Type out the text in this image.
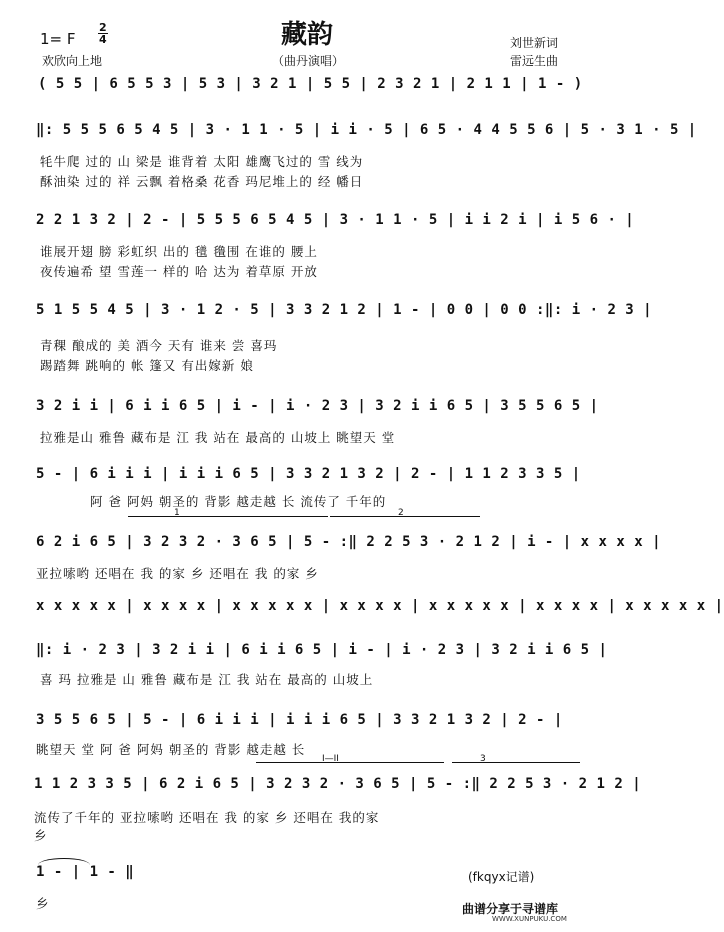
藏韵
1= F $\frac{2}{4}$
欢欣向上地	（曲丹演唱）
刘世新词
雷远生曲
( 5 5 | 6 5 5 3 | 5 3 | 3 2 1 | 5 5 | 2 3 2 1 | 2 1 1 | 1 - )
‖: 5 5 5 6 5 4 5 | 3 · 1 1 · 5 | i i · 5 | 6 5 · 4 4 5 5 6 | 5 · 3 1 · 5 |
牦牛爬 过的 山 梁是 谁背着 太阳 雄鹰飞过的 雪 线为
酥油染 过的 祥 云飘 着格桑 花香 玛尼堆上的 经 幡日
2 2 1 3 2 | 2 - | 5 5 5 6 5 4 5 | 3 · 1 1 · 5 | i i 2 i | i 5 6 · |
谁展开翅 膀 彩虹织 出的 氆 氇围 在谁的 腰上
夜传遍希 望 雪莲一 样的 哈 达为 着草原 开放
5 1 5 5 4 5 | 3 · 1 2 · 5 | 3 3 2 1 2 | 1 - | 0 0 | 0 0 :‖: i · 2 3 |
青稞 酿成的 美 酒今 天有 谁来 尝 喜玛
踢踏舞 跳响的 帐 篷又 有出嫁新 娘
3 2 i i | 6 i i 6 5 | i - | i · 2 3 | 3 2 i i 6 5 | 3 5 5 6 5 |
拉雅是山 雅鲁 藏布是 江 我 站在 最高的 山坡上 眺望天 堂
5 - | 6 i i i | i i i 6 5 | 3 3 2 1 3 2 | 2 - | 1 1 2 3 3 5 |
阿 爸 阿妈 朝圣的 背影 越走越 长 流传了 千年的
1	2
6 2 i 6 5 | 3 2 3 2 · 3 6 5 | 5 - :‖ 2 2 5 3 · 2 1 2 | i - | x x x x |
亚拉嗦哟 还唱在 我 的家 乡 还唱在 我 的家 乡
x x x x x | x x x x | x x x x x | x x x x | x x x x x | x x x x | x x x x x |
‖: i · 2 3 | 3 2 i i | 6 i i 6 5 | i - | i · 2 3 | 3 2 i i 6 5 |
喜 玛 拉雅是 山 雅鲁 藏布是 江 我 站在 最高的 山坡上
3 5 5 6 5 | 5 - | 6 i i i | i i i 6 5 | 3 3 2 1 3 2 | 2 - |
眺望天 堂 阿 爸 阿妈 朝圣的 背影 越走越 长
I—II	3
1 1 2 3 3 5 | 6 2 i 6 5 | 3 2 3 2 · 3 6 5 | 5 - :‖ 2 2 5 3 · 2 1 2 |
流传了千年的 亚拉嗦哟 还唱在 我 的家 乡 还唱在 我的家
乡
1 - | 1 - ‖
乡
(fkqyx记谱)
曲谱分享于寻谱库
WWW.XUNPUKU.COM
